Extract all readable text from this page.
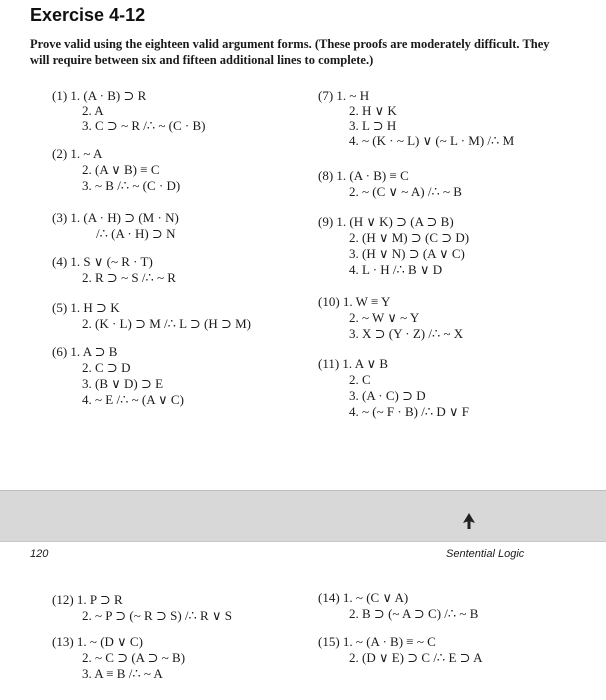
Exercise 4-12
Prove valid using the eighteen valid argument forms. (These proofs are moderately difficult. They will require between six and fifteen additional lines to complete.)
(1) 1. (A · B) ⊃ R
2. A
3. C ⊃ ~ R /∴ ~ (C · B)
(2) 1. ~ A
2. (A ∨ B) ≡ C
3. ~ B /∴ ~ (C · D)
(3) 1. (A · H) ⊃ (M · N)
/∴ (A · H) ⊃ N
(4) 1. S ∨ (~ R · T)
2. R ⊃ ~ S /∴ ~ R
(5) 1. H ⊃ K
2. (K · L) ⊃ M /∴ L ⊃ (H ⊃ M)
(6) 1. A ⊃ B
2. C ⊃ D
3. (B ∨ D) ⊃ E
4. ~ E /∴ ~ (A ∨ C)
(7) 1. ~ H
2. H ∨ K
3. L ⊃ H
4. ~ (K · ~ L) ∨ (~ L · M) /∴ M
(8) 1. (A · B) ≡ C
2. ~ (C ∨ ~ A) /∴ ~ B
(9) 1. (H ∨ K) ⊃ (A ⊃ B)
2. (H ∨ M) ⊃ (C ⊃ D)
3. (H ∨ N) ⊃ (A ∨ C)
4. L · H /∴ B ∨ D
(10) 1. W ≡ Y
2. ~ W ∨ ~ Y
3. X ⊃ (Y · Z) /∴ ~ X
(11) 1. A ∨ B
2. C
3. (A · C) ⊃ D
4. ~ (~ F · B) /∴ D ∨ F
120	Sentential Logic
(12) 1. P ⊃ R
2. ~ P ⊃ (~ R ⊃ S) /∴ R ∨ S
(13) 1. ~ (D ∨ C)
2. ~ C ⊃ (A ⊃ ~ B)
3. A ≡ B /∴ ~ A
(14) 1. ~ (C ∨ A)
2. B ⊃ (~ A ⊃ C) /∴ ~ B
(15) 1. ~ (A · B) ≡ ~ C
2. (D ∨ E) ⊃ C /∴ E ⊃ A
